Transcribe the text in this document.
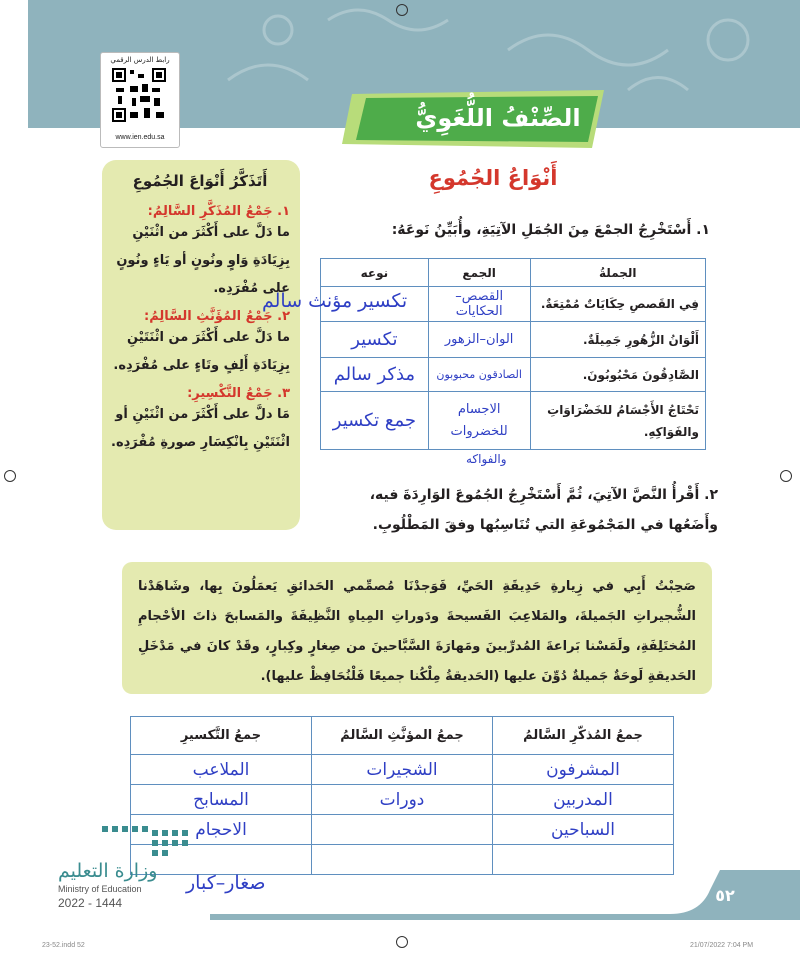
رابط الدرس الرقمي
www.ien.edu.sa
الصِّنْفُ اللُّغَوِيُّ
أَنْوَاعُ الجُمُوعِ
أَتَذَكَّرُ أَنْوَاعَ الجُمُوعِ
١. جَمْعُ المُذَكَّرِ السَّالِمُ:
ما دَلَّ على أَكْثَرَ من اثْنَيْنِ بِزِيَادَةِ وَاوٍ ونُونٍ أو يَاءٍ ونُونٍ على مُفْرَدِه.
٢. جَمْعُ المُؤَنَّثِ السَّالِمُ:
ما دَلَّ على أَكْثَرَ من اثْنَتَيْنِ بِزِيَادَةِ أَلِفٍ وتَاءٍ على مُفْرَدِه.
٣. جَمْعُ التَّكْسِيرِ:
مَا دلَّ على أَكْثَرَ من اثْنَيْنِ أو اثْنَتَيْنِ بِانْكِسَارِ صورةِ مُفْرَدِه.
١. أَسْتَخْرِجُ الجمْعَ مِنَ الجُمَلِ الآتِيَةِ، وأُبَيِّنُ نَوعَهُ:
الجملةُ	الجمع	نوعه
فِي القَصصِ حِكَايَاتٌ مُمْتِعَةٌ.	القصص–الحكايات	
أَلْوَانُ الزُّهُورِ جَمِيلَةٌ.	الوان–الزهور	تكسير
الصَّادِقُونَ مَحْبُوبُونَ.	الصادقون محبوبون	مذكر سالم
تَحْتَاجُ الأَجْسَامُ للخَضْرَاوَاتِ والفَوَاكِهِ.	الاجسام للخضروات	جمع تكسير
تكسير مؤنث سالم
والفواكه
٢. أَقْرأُ النَّصَّ الآتِيَ، ثُمَّ أَسْتَخْرِجُ الجُمُوعَ الوَارِدَةَ فيه، وأَضَعُها في المَجْمُوعَةِ التي تُنَاسِبُها وفقَ المَطْلُوبِ.
صَحِبْتُ أَبِي في زِيارةِ حَدِيقَةِ الحَيِّ، فَوَجدْنَا مُصمِّمي الحَدائقِ يَعمَلُونَ بِها، وشَاهَدْنا الشُّجيراتِ الجَميلةَ، والمَلاعِبَ الفَسيحةَ ودَوراتِ المِياهِ النَّظِيفَةَ والمَسابحَ ذاتَ الأحْجامِ المُختَلِفَةِ، ولَمَسْنا بَراعةَ المُدرِّبينَ ومَهارَةَ السَّبَّاحينَ من صِغارٍ وكِبارٍ، وقَدْ كانَ في مَدْخَلِ الحَديقةِ لَوحَةٌ جَميلةٌ دُوِّنَ عليها (الحَديقةُ مِلْكُنا جميعًا فَلْنُحَافِظْ عليها).
جمعُ المُذكّرِ السَّالمُ	جمعُ المؤنَّثِ السَّالمُ	جمعُ التَّكسيرِ
المشرفون	الشجيرات	الملاعب
المدربين	دورات	المسابح
السباحين		الاحجام

صغار–كبار
وزارة التعليم
Ministry of Education
2022 - 1444	٥٢
23-52.indd 52	21/07/2022 7:04 PM
